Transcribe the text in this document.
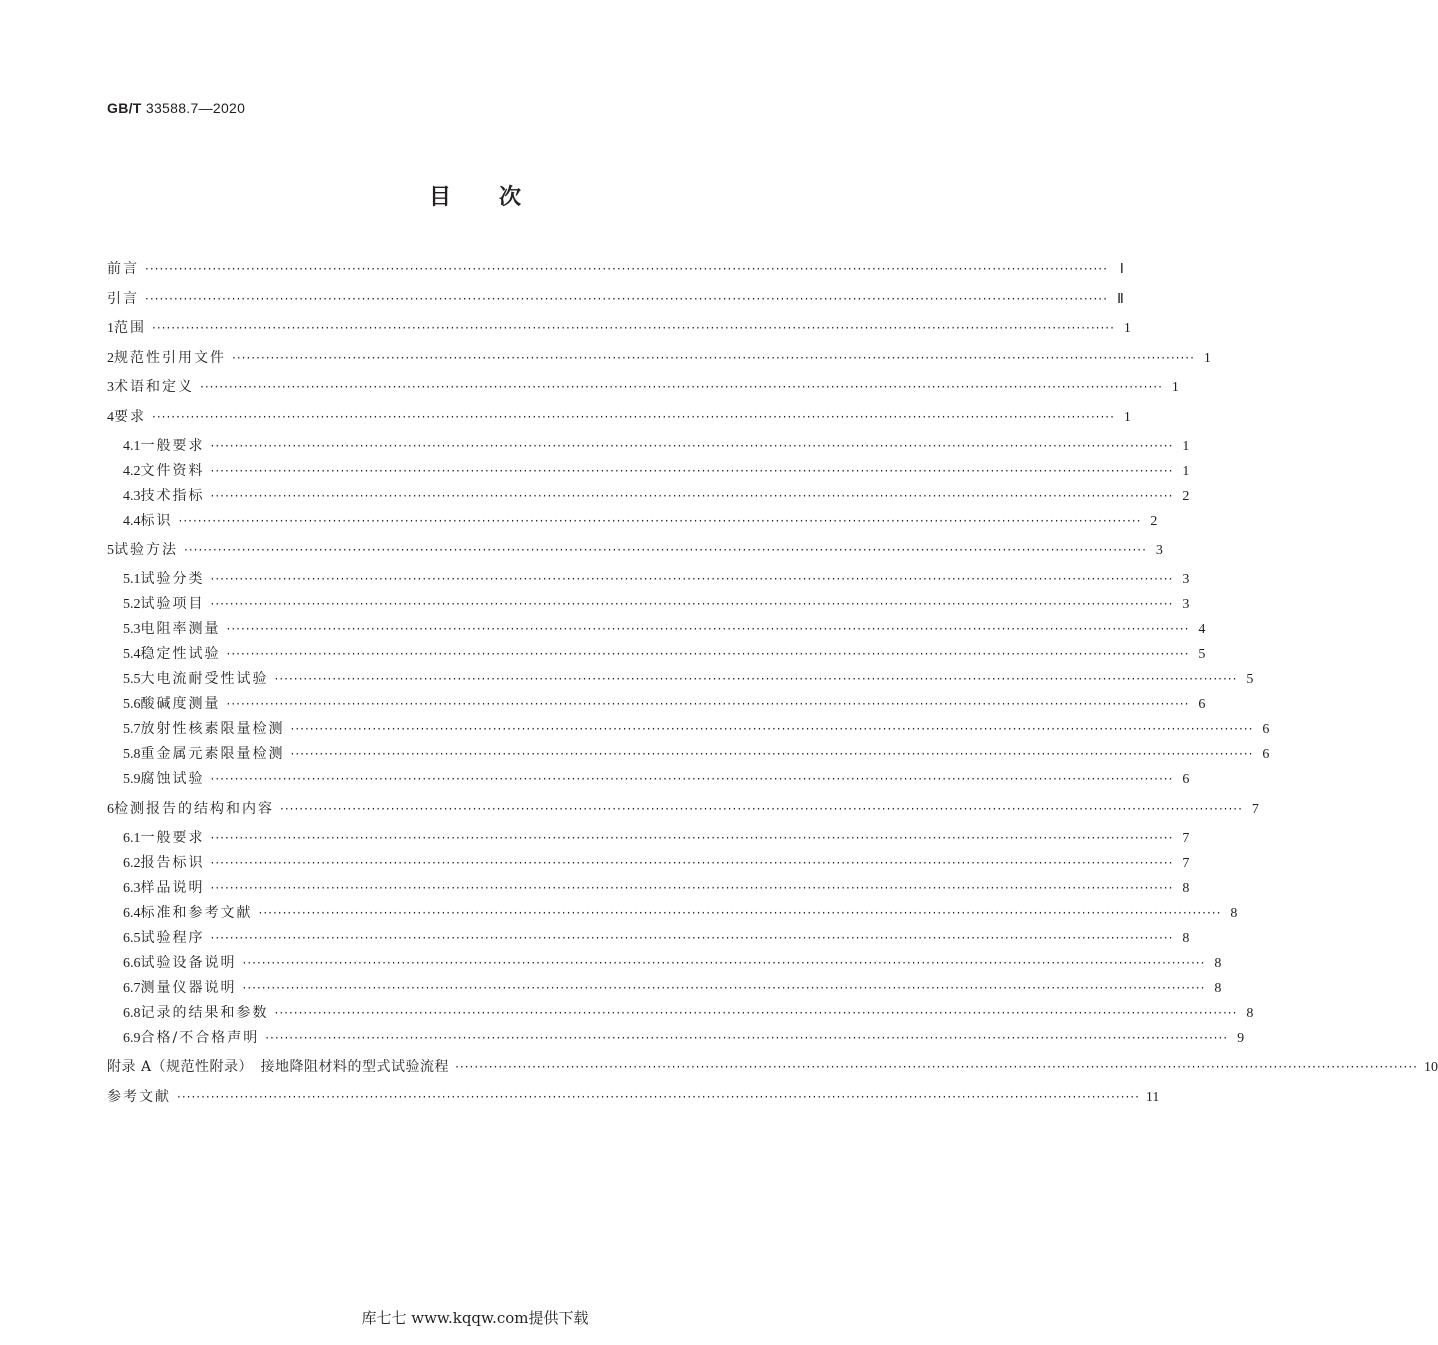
GB/T 33588.7—2020
目 次
前言 ········································································································································································································ Ⅰ
引言 ········································································································································································································ Ⅱ
1 范围 ········································································································································································································ 1
2 规范性引用文件 ········································································································································································································ 1
3 术语和定义 ········································································································································································································ 1
4 要求 ········································································································································································································ 1
4.1 一般要求 ········································································································································································································ 1
4.2 文件资料 ········································································································································································································ 1
4.3 技术指标 ········································································································································································································ 2
4.4 标识 ········································································································································································································ 2
5 试验方法 ········································································································································································································ 3
5.1 试验分类 ········································································································································································································ 3
5.2 试验项目 ········································································································································································································ 3
5.3 电阻率测量 ········································································································································································································ 4
5.4 稳定性试验 ········································································································································································································ 5
5.5 大电流耐受性试验 ········································································································································································································ 5
5.6 酸碱度测量 ········································································································································································································ 6
5.7 放射性核素限量检测 ········································································································································································································ 6
5.8 重金属元素限量检测 ········································································································································································································ 6
5.9 腐蚀试验 ········································································································································································································ 6
6 检测报告的结构和内容 ········································································································································································································ 7
6.1 一般要求 ········································································································································································································ 7
6.2 报告标识 ········································································································································································································ 7
6.3 样品说明 ········································································································································································································ 8
6.4 标准和参考文献 ········································································································································································································ 8
6.5 试验程序 ········································································································································································································ 8
6.6 试验设备说明 ········································································································································································································ 8
6.7 测量仪器说明 ········································································································································································································ 8
6.8 记录的结果和参数 ········································································································································································································ 8
6.9 合格/不合格声明 ········································································································································································································ 9
附录 A（规范性附录）　接地降阻材料的型式试验流程 ········································································································································································································ 10
参考文献 ········································································································································································································ 11
库七七 www.kqqw.com提供下载
